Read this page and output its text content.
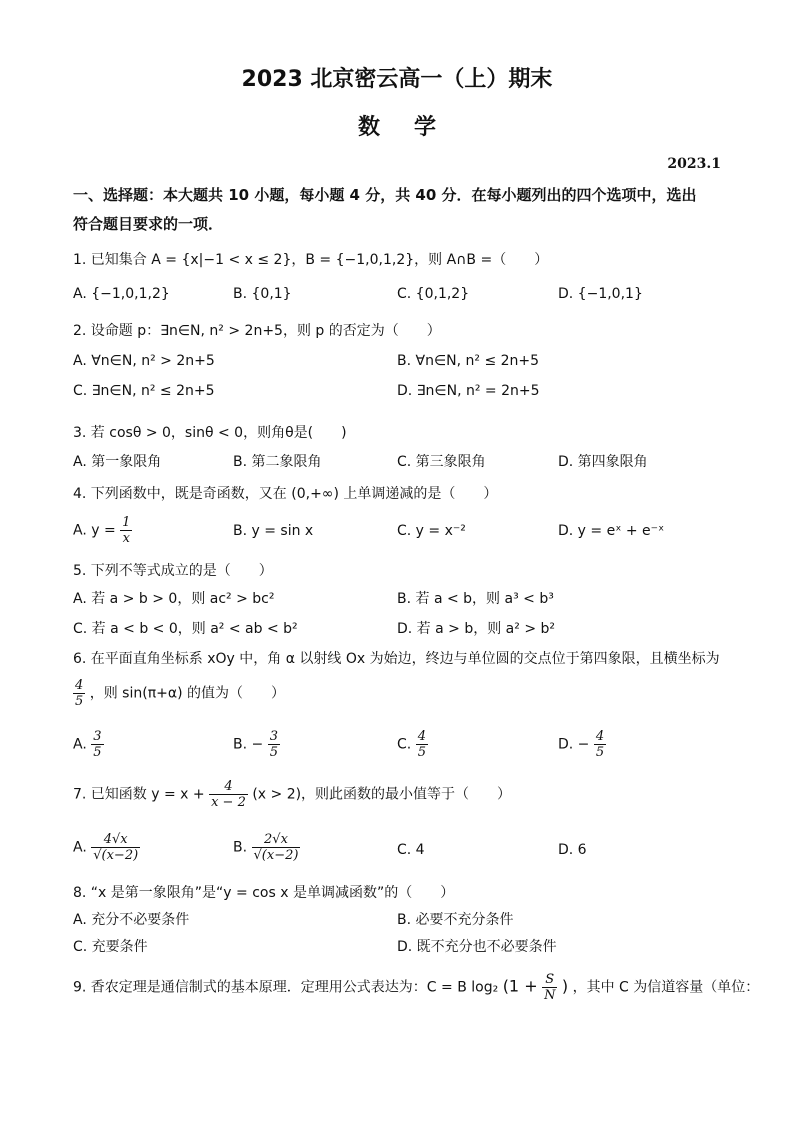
2023 北京密云高一（上）期末
数学
2023.1
一、选择题：本大题共 10 小题，每小题 4 分，共 40 分．在每小题列出的四个选项中，选出
符合题目要求的一项．
1. 已知集合 A = {x|−1 < x ≤ 2}，B = {−1,0,1,2}，则 A∩B =（　　）
A. {−1,0,1,2}	B. {0,1}	C. {0,1,2}	D. {−1,0,1}
2. 设命题 p：∃n∈N, n² > 2n+5，则 p 的否定为（　　）
A. ∀n∈N, n² > 2n+5	B. ∀n∈N, n² ≤ 2n+5
C. ∃n∈N, n² ≤ 2n+5	D. ∃n∈N, n² = 2n+5
3. 若 cosθ > 0，sinθ < 0，则角θ是(　　)
A. 第一象限角	B. 第二象限角	C. 第三象限角	D. 第四象限角
4. 下列函数中，既是奇函数，又在 (0,+∞) 上单调递减的是（　　）
A. $y = \frac{1}{x}$	B. y = sin x	C. y = x⁻²	D. y = eˣ + e⁻ˣ
5. 下列不等式成立的是（　　）
A. 若 a > b > 0，则 ac² > bc²	B. 若 a < b，则 a³ < b³
C. 若 a < b < 0，则 a² < ab < b²	D. 若 a > b，则 a² > b²
6. 在平面直角坐标系 xOy 中，角 α 以射线 Ox 为始边，终边与单位圆的交点位于第四象限，且横坐标为
$\frac{4}{5}$ ，则 sin(π+α) 的值为（　　）
A. $\frac{3}{5}$	B. − $\frac{3}{5}$	C. $\frac{4}{5}$	D. − $\frac{4}{5}$
7. 已知函数 $y = x + \frac{4}{x - 2} (x > 2)$，则此函数的最小值等于（　　）
A. $\frac{4√x}{√(x-2)}$	B. $\frac{2√x}{√(x-2)}$	C. 4	D. 6
8. “x 是第一象限角”是“y = cos x 是单调减函数”的（　　）
A. 充分不必要条件	B. 必要不充分条件
C. 充要条件	D. 既不充分也不必要条件
9. 香农定理是通信制式的基本原理．定理用公式表达为：C = B log₂ ($1 + \frac{S}{N}$ ) ，其中 C 为信道容量（单位：
